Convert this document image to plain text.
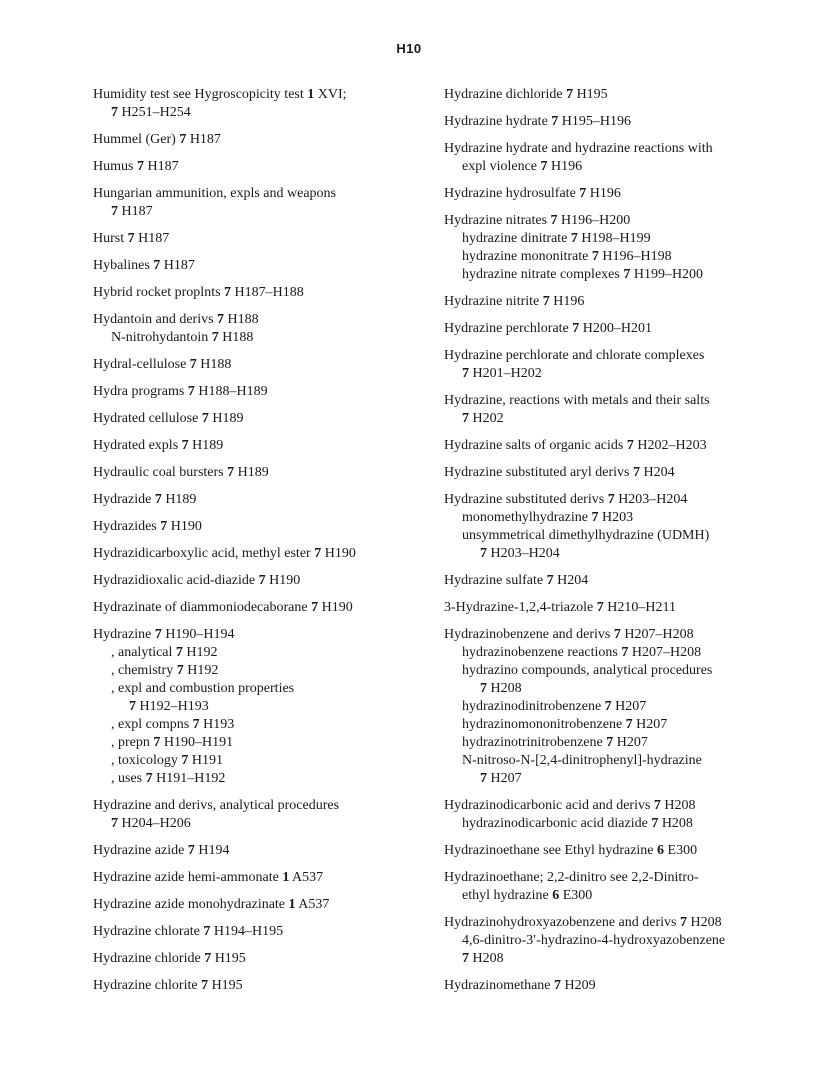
H10
Humidity test see Hygroscopicity test 1 XVI;
7 H251–H254
Hummel (Ger) 7 H187
Humus 7 H187
Hungarian ammunition, expls and weapons
7 H187
Hurst 7 H187
Hybalines 7 H187
Hybrid rocket proplnts 7 H187–H188
Hydantoin and derivs 7 H188
N-nitrohydantoin 7 H188
Hydral-cellulose 7 H188
Hydra programs 7 H188–H189
Hydrated cellulose 7 H189
Hydrated expls 7 H189
Hydraulic coal bursters 7 H189
Hydrazide 7 H189
Hydrazides 7 H190
Hydrazidicarboxylic acid, methyl ester 7 H190
Hydrazidioxalic acid-diazide 7 H190
Hydrazinate of diammoniodecaborane 7 H190
Hydrazine 7 H190–H194
, analytical 7 H192
, chemistry 7 H192
, expl and combustion properties
7 H192–H193
, expl compns 7 H193
, prepn 7 H190–H191
, toxicology 7 H191
, uses 7 H191–H192
Hydrazine and derivs, analytical procedures
7 H204–H206
Hydrazine azide 7 H194
Hydrazine azide hemi-ammonate 1 A537
Hydrazine azide monohydrazinate 1 A537
Hydrazine chlorate 7 H194–H195
Hydrazine chloride 7 H195
Hydrazine chlorite 7 H195
Hydrazine dichloride 7 H195
Hydrazine hydrate 7 H195–H196
Hydrazine hydrate and hydrazine reactions with
expl violence 7 H196
Hydrazine hydrosulfate 7 H196
Hydrazine nitrates 7 H196–H200
hydrazine dinitrate 7 H198–H199
hydrazine mononitrate 7 H196–H198
hydrazine nitrate complexes 7 H199–H200
Hydrazine nitrite 7 H196
Hydrazine perchlorate 7 H200–H201
Hydrazine perchlorate and chlorate complexes
7 H201–H202
Hydrazine, reactions with metals and their salts
7 H202
Hydrazine salts of organic acids 7 H202–H203
Hydrazine substituted aryl derivs 7 H204
Hydrazine substituted derivs 7 H203–H204
monomethylhydrazine 7 H203
unsymmetrical dimethylhydrazine (UDMH)
7 H203–H204
Hydrazine sulfate 7 H204
3-Hydrazine-1,2,4-triazole 7 H210–H211
Hydrazinobenzene and derivs 7 H207–H208
hydrazinobenzene reactions 7 H207–H208
hydrazino compounds, analytical procedures
7 H208
hydrazinodinitrobenzene 7 H207
hydrazinomononitrobenzene 7 H207
hydrazinotrinitrobenzene 7 H207
N-nitroso-N-[2,4-dinitrophenyl]-hydrazine
7 H207
Hydrazinodicarbonic acid and derivs 7 H208
hydrazinodicarbonic acid diazide 7 H208
Hydrazinoethane see Ethyl hydrazine 6 E300
Hydrazinoethane; 2,2-dinitro see 2,2-Dinitro-
ethyl hydrazine 6 E300
Hydrazinohydroxyazobenzene and derivs 7 H208
4,6-dinitro-3′-hydrazino-4-hydroxyazobenzene
7 H208
Hydrazinomethane 7 H209
